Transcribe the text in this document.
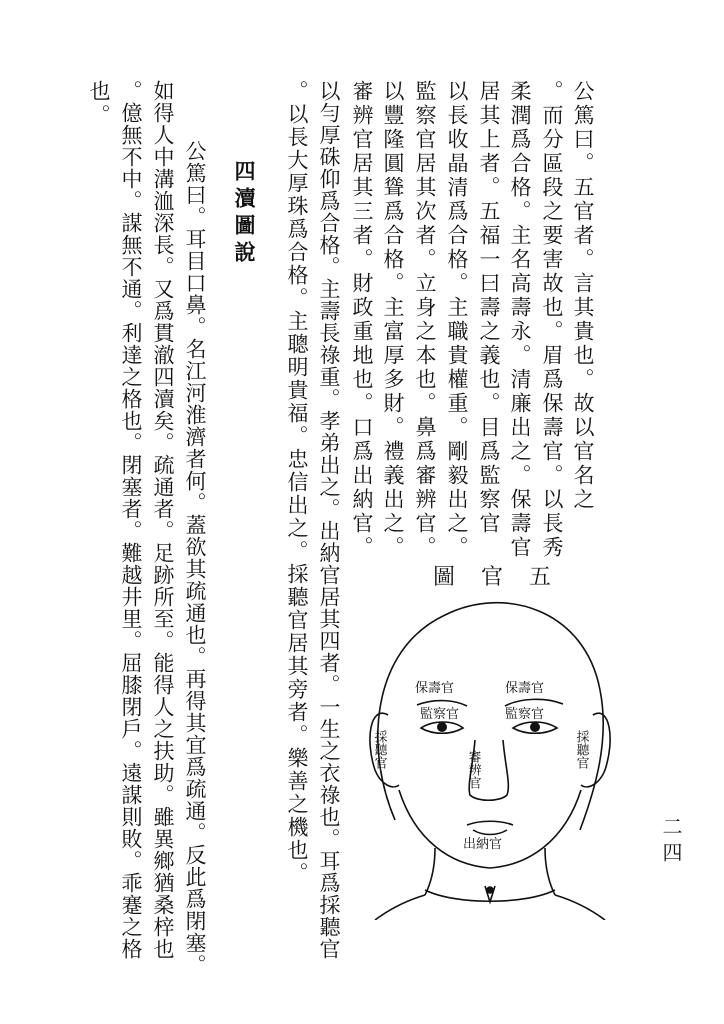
公篤曰。五官者。言其貴也。故以官名之
。而分區段之要害故也。眉爲保壽官。以長秀
柔潤爲合格。主名高壽永。清廉出之。保壽官
居其上者。五福一曰壽之義也。目爲監察官
以長收晶清爲合格。主職貴權重。剛毅出之。
監察官居其次者。立身之本也。鼻爲審辨官。
以豐隆圓聳爲合格。主富厚多財。禮義出之。
審辨官居其三者。財政重地也。口爲出納官。
以勻厚硃仰爲合格。主壽長祿重。孝弟出之。出納官居其四者。一生之衣祿也。耳爲採聽官
。以長大厚珠爲合格。主聰明貴福。忠信出之。採聽官居其旁者。樂善之機也。
四瀆圖說
公篤曰。耳目口鼻。名江河淮濟者何。蓋欲其疏通也。再得其宜爲疏通。反此爲閉塞。
如得人中溝洫深長。又爲貫澈四瀆矣。疏通者。足跡所至。能得人之扶助。雖異鄉猶桑梓也
。億無不中。謀無不通。利達之格也。閉塞者。難越井里。屈膝閉戶。遠謀則敗。乖蹇之格
也。
五官圖
保壽官	保壽官
監察官	監察官
審辨官
出納官
採聽官	採聽官
二四
